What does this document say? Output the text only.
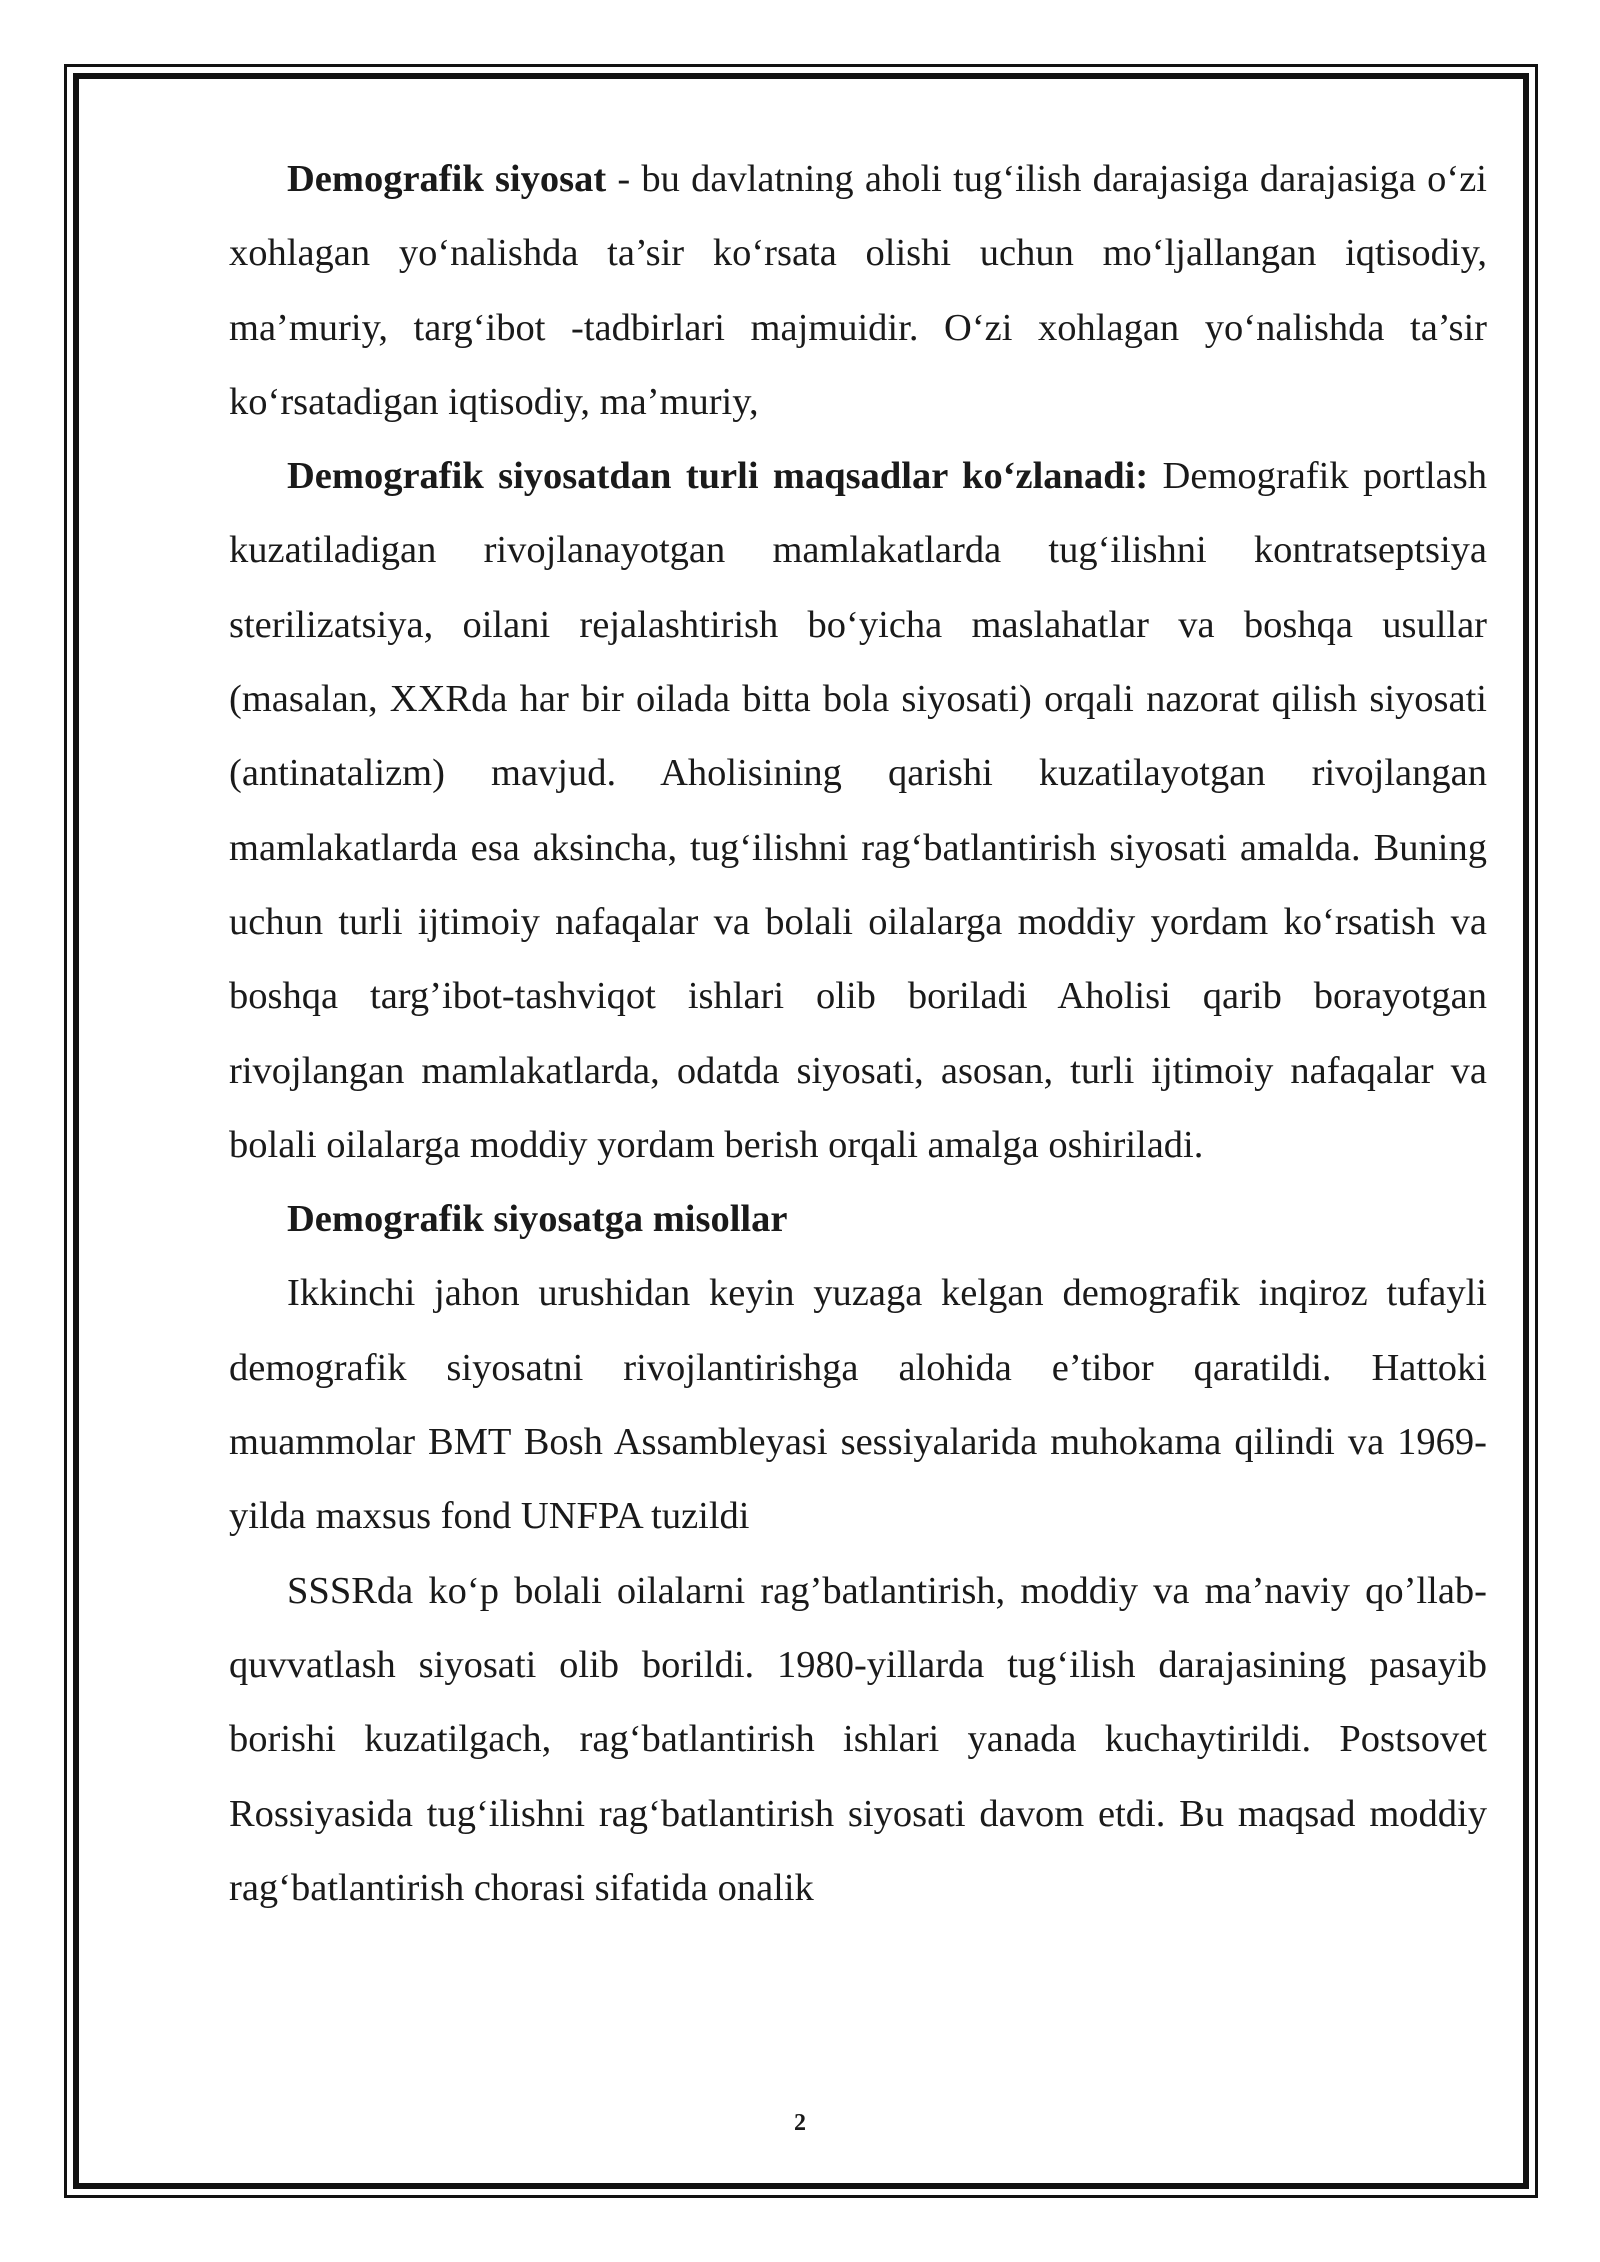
Demografik siyosat - bu davlatning aholi tug‘ilish darajasiga darajasiga o‘zi xohlagan yo‘nalishda ta’sir ko‘rsata olishi uchun mo‘ljallangan iqtisodiy, ma’muriy, targ‘ibot -tadbirlari majmuidir. O‘zi xohlagan yo‘nalishda ta’sir ko‘rsatadigan iqtisodiy, ma’muriy,

Demografik siyosatdan turli maqsadlar ko‘zlanadi: Demografik portlash kuzatiladigan rivojlanayotgan mamlakatlarda tug‘ilishni kontratseptsiya sterilizatsiya, oilani rejalashtirish bo‘yicha maslahatlar va boshqa usullar (masalan, XXRda har bir oilada bitta bola siyosati) orqali nazorat qilish siyosati (antinatalizm) mavjud. Aholisining qarishi kuzatilayotgan rivojlangan mamlakatlarda esa aksincha, tug‘ilishni rag‘batlantirish siyosati amalda. Buning uchun turli ijtimoiy nafaqalar va bolali oilalarga moddiy yordam ko‘rsatish va boshqa targ’ibot-tashviqot ishlari olib boriladi Aholisi qarib borayotgan rivojlangan mamlakatlarda, odatda siyosati, asosan, turli ijtimoiy nafaqalar va bolali oilalarga moddiy yordam berish orqali amalga oshiriladi.

Demografik siyosatga misollar

Ikkinchi jahon urushidan keyin yuzaga kelgan demografik inqiroz tufayli demografik siyosatni rivojlantirishga alohida e’tibor qaratildi. Hattoki muammolar BMT Bosh Assambleyasi sessiyalarida muhokama qilindi va 1969-yilda maxsus fond UNFPA tuzildi

SSSRda ko‘p bolali oilalarni rag’batlantirish, moddiy va ma’naviy qo’llab-quvvatlash siyosati olib borildi. 1980-yillarda tug‘ilish darajasining pasayib borishi kuzatilgach, rag‘batlantirish ishlari yanada kuchaytirildi. Postsovet Rossiyasida tug‘ilishni rag‘batlantirish siyosati davom etdi. Bu maqsad moddiy rag‘batlantirish chorasi sifatida onalik

2
